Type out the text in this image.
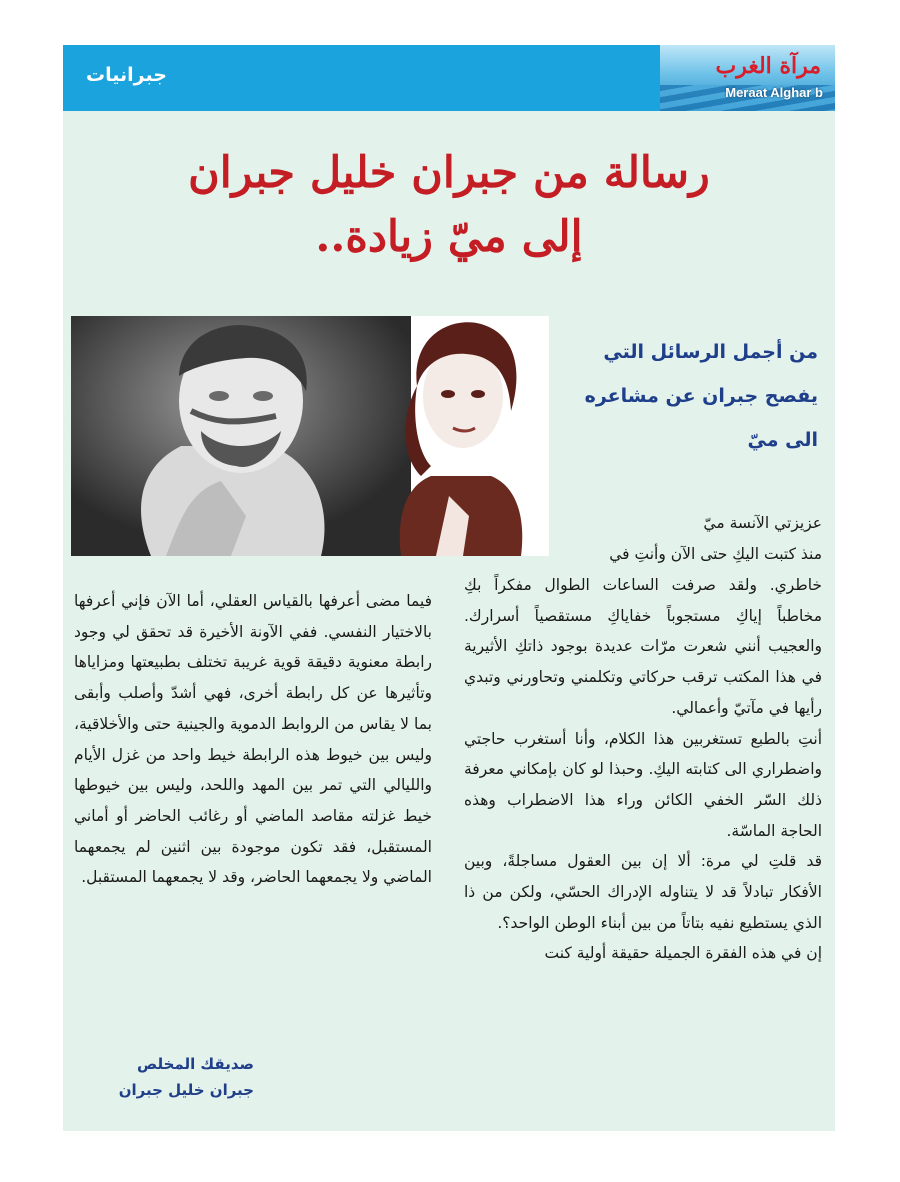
جبرانيات	مرآة الغرب
Meraat Alghar b
رسالة من جبران خليل جبران
إلى ميّ زيادة..
من أجمل الرسائل التي
يفصح جبران عن مشاعره
الى ميّ
عزيزتي الآنسة ميّ
منذ كتبت اليكِ حتى الآن وأنتِ في

خاطري. ولقد صرفت الساعات الطوال مفكراً بكِ مخاطباً إياكِ مستجوباً خفاياكِ مستقصياً أسرارك. والعجيب أنني شعرت مرّات عديدة بوجود ذاتكِ الأثيرية في هذا المكتب ترقب حركاتي وتكلمني وتحاورني وتبدي رأيها في مآتيّ وأعمالي.

أنتِ بالطبع تستغربين هذا الكلام، وأنا أستغرب حاجتي واضطراري الى كتابته اليكِ. وحبذا لو كان بإمكاني معرفة ذلك السّر الخفي الكائن وراء هذا الاضطراب وهذه الحاجة الماسّة.

قد قلتِ لي مرة: ألا إن بين العقول مساجلةً، وبين الأفكار تبادلاً قد لا يتناوله الإدراك الحسّي، ولكن من ذا الذي يستطيع نفيه بتاتاً من بين أبناء الوطن الواحد؟.

إن في هذه الفقرة الجميلة حقيقة أولية كنت

فيما مضى أعرفها بالقياس العقلي، أما الآن فإني أعرفها بالاختيار النفسي. ففي الآونة الأخيرة قد تحقق لي وجود رابطة معنوية دقيقة قوية غريبة تختلف بطبيعتها ومزاياها وتأثيرها عن كل رابطة أخرى، فهي أشدّ وأصلب وأبقى بما لا يقاس من الروابط الدموية والجينية حتى والأخلاقية، وليس بين خيوط هذه الرابطة خيط واحد من غزل الأيام والليالي التي تمر بين المهد واللحد، وليس بين خيوطها خيط غزلته مقاصد الماضي أو رغائب الحاضر أو أماني المستقبل، فقد تكون موجودة بين اثنين لم يجمعهما الماضي ولا يجمعهما الحاضر، وقد لا يجمعهما المستقبل.

صديقك المخلص
جبران خليل جبران
